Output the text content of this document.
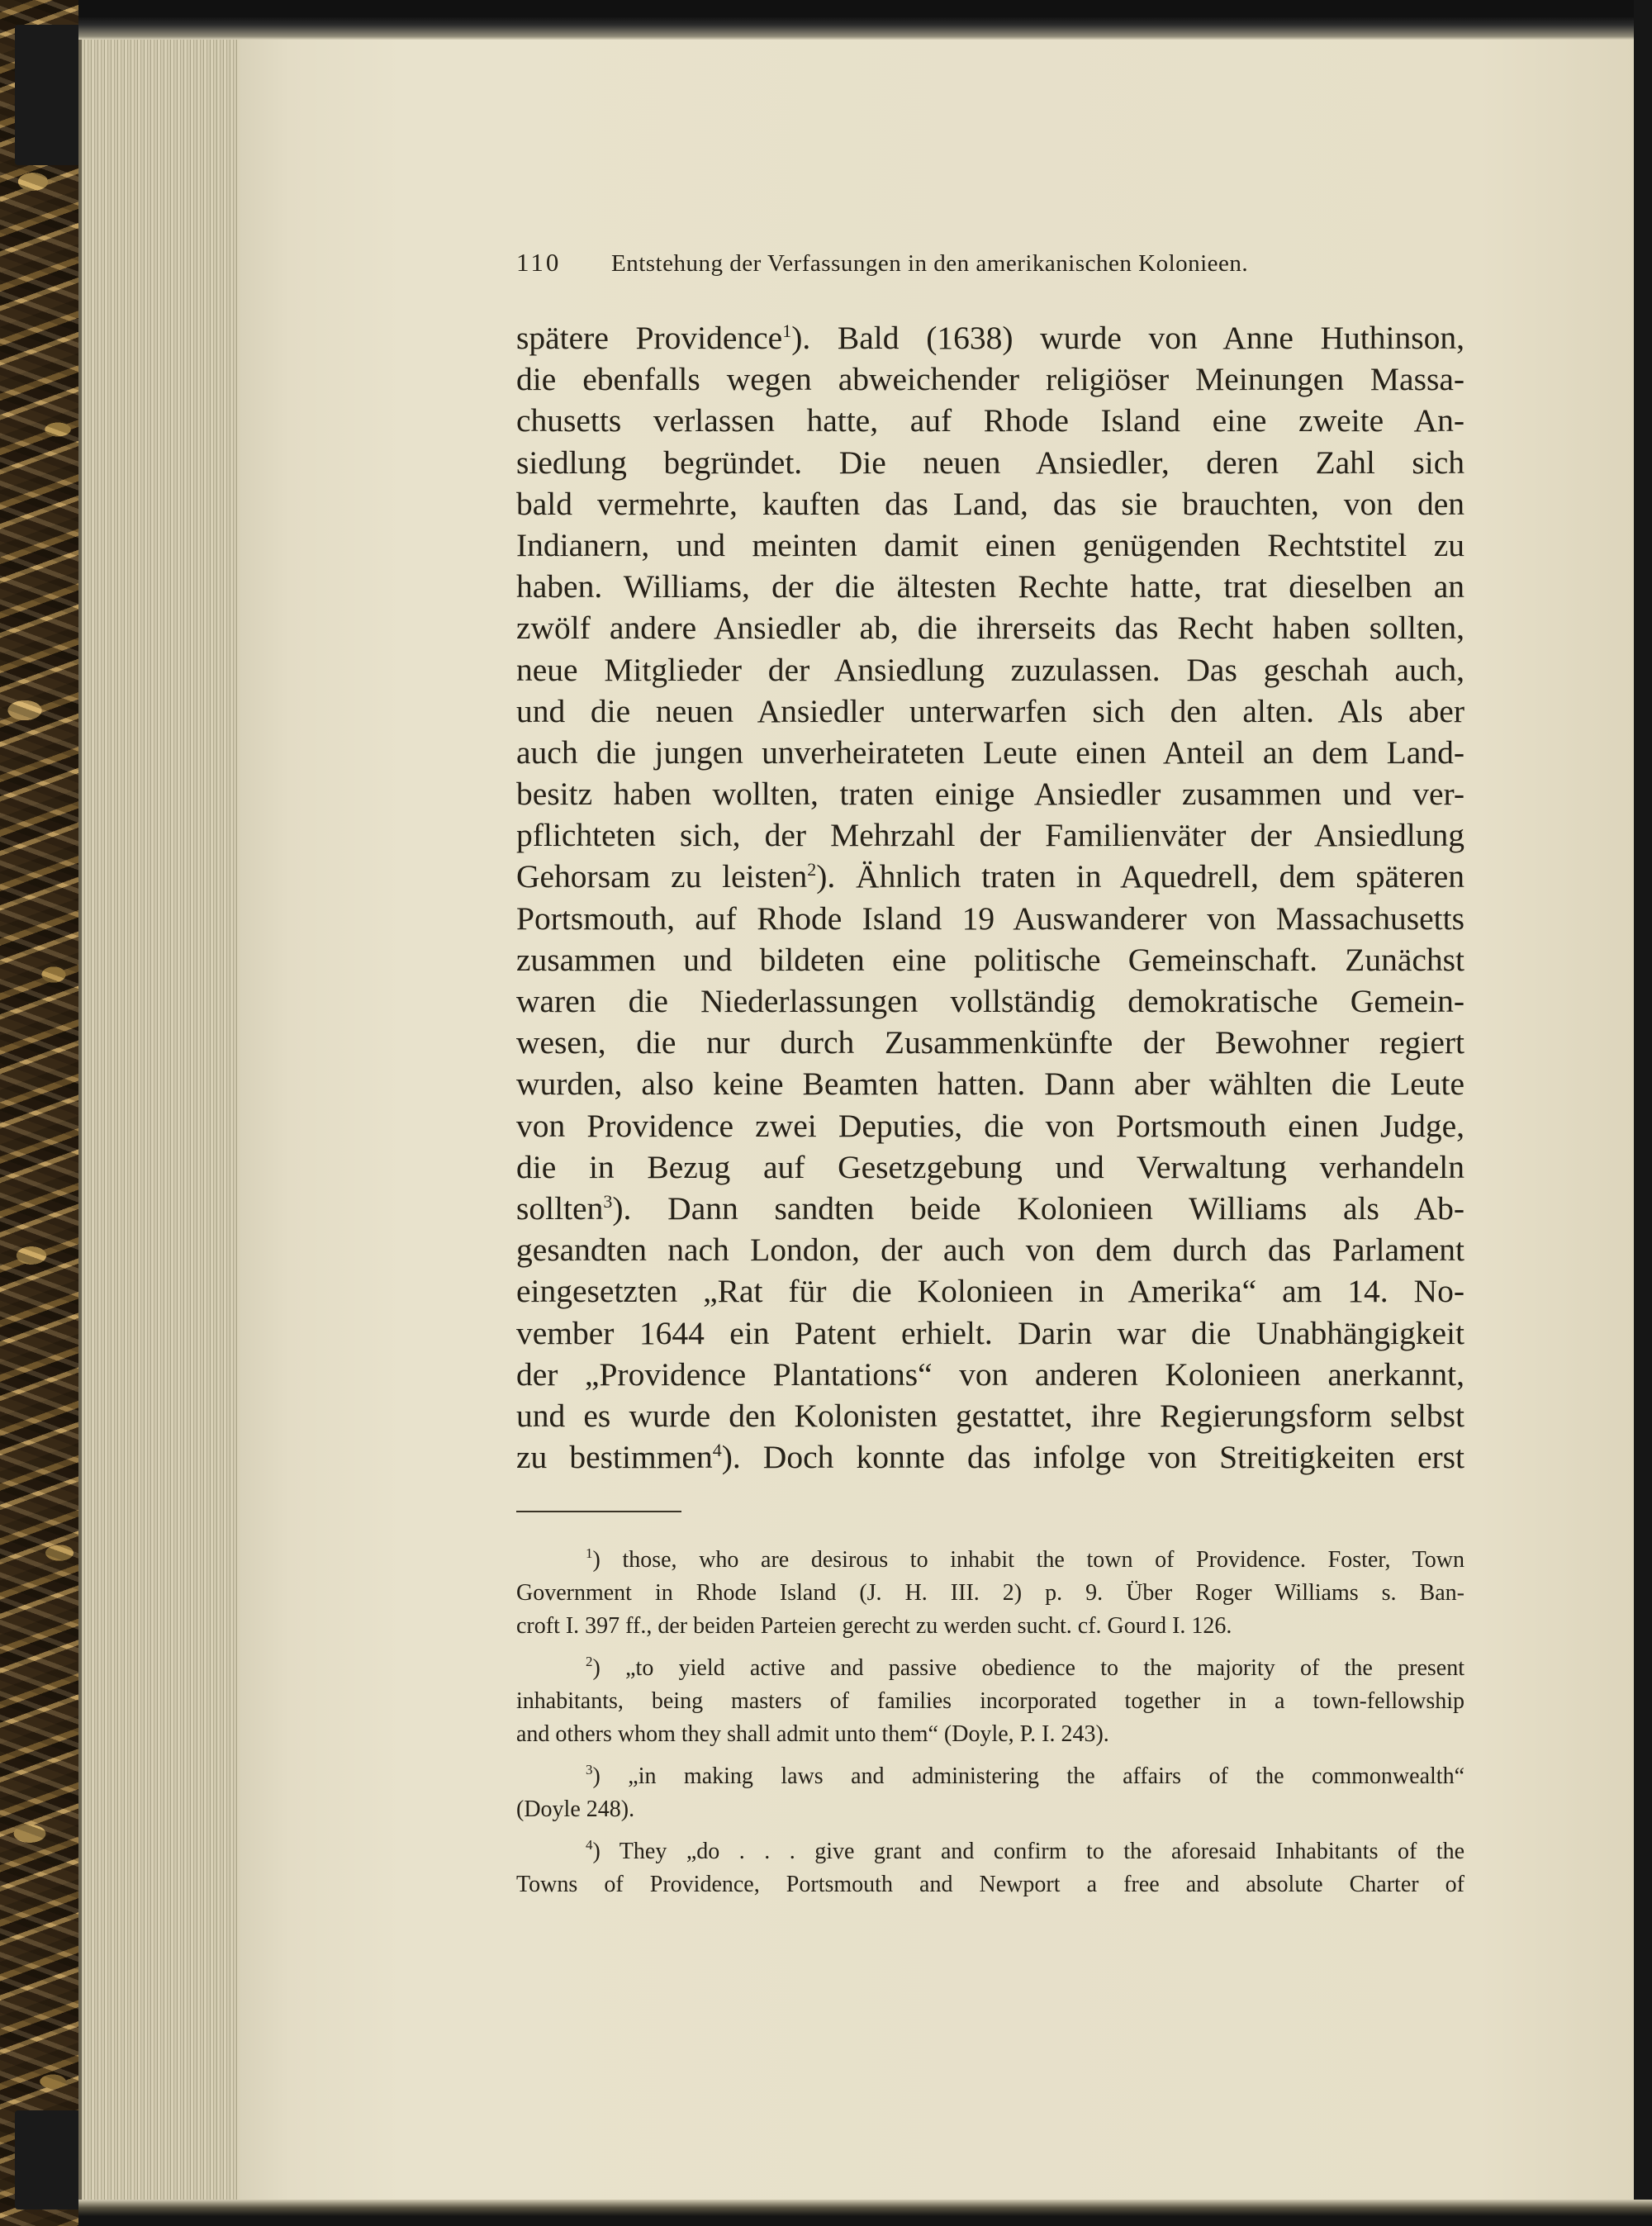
110	Entstehung der Verfassungen in den amerikanischen Kolonieen.
spätere Providence$^1$). Bald (1638) wurde von Anne Huthinson,
die ebenfalls wegen abweichender religiöser Meinungen Massa-
chusetts verlassen hatte, auf Rhode Island eine zweite An-
siedlung begründet. Die neuen Ansiedler, deren Zahl sich
bald vermehrte, kauften das Land, das sie brauchten, von den
Indianern, und meinten damit einen genügenden Rechtstitel zu
haben. Williams, der die ältesten Rechte hatte, trat dieselben an
zwölf andere Ansiedler ab, die ihrerseits das Recht haben sollten,
neue Mitglieder der Ansiedlung zuzulassen. Das geschah auch,
und die neuen Ansiedler unterwarfen sich den alten. Als aber
auch die jungen unverheirateten Leute einen Anteil an dem Land-
besitz haben wollten, traten einige Ansiedler zusammen und ver-
pflichteten sich, der Mehrzahl der Familienväter der Ansiedlung
Gehorsam zu leisten$^2$). Ähnlich traten in Aquedrell, dem späteren
Portsmouth, auf Rhode Island 19 Auswanderer von Massachusetts
zusammen und bildeten eine politische Gemeinschaft. Zunächst
waren die Niederlassungen vollständig demokratische Gemein-
wesen, die nur durch Zusammenkünfte der Bewohner regiert
wurden, also keine Beamten hatten. Dann aber wählten die Leute
von Providence zwei Deputies, die von Portsmouth einen Judge,
die in Bezug auf Gesetzgebung und Verwaltung verhandeln
sollten$^3$). Dann sandten beide Kolonieen Williams als Ab-
gesandten nach London, der auch von dem durch das Parlament
eingesetzten „Rat für die Kolonieen in Amerika“ am 14. No-
vember 1644 ein Patent erhielt. Darin war die Unabhängigkeit
der „Providence Plantations“ von anderen Kolonieen anerkannt,
und es wurde den Kolonisten gestattet, ihre Regierungsform selbst
zu bestimmen$^4$). Doch konnte das infolge von Streitigkeiten erst
$^1$) those, who are desirous to inhabit the town of Providence. Foster, Town
Government in Rhode Island (J. H. III. 2) p. 9. Über Roger Williams s. Ban-
croft I. 397 ff., der beiden Parteien gerecht zu werden sucht. cf. Gourd I. 126.
$^2$) „to yield active and passive obedience to the majority of the present
inhabitants, being masters of families incorporated together in a town-fellowship
and others whom they shall admit unto them“ (Doyle, P. I. 243).
$^3$) „in making laws and administering the affairs of the commonwealth“
(Doyle 248).
$^4$) They „do . . . give grant and confirm to the aforesaid Inhabitants of the
Towns of Providence, Portsmouth and Newport a free and absolute Charter of
